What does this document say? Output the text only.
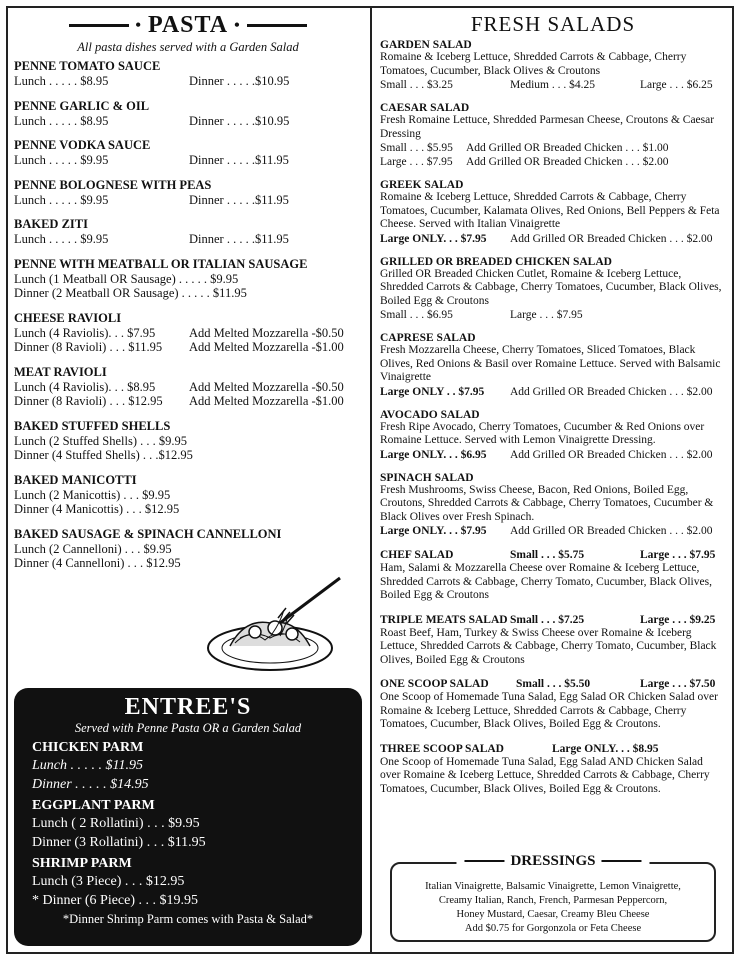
• PASTA •
All pasta dishes served with a Garden Salad
PENNE TOMATO SAUCE
Lunch . . . . . $8.95	Dinner . . . . .$10.95
PENNE GARLIC & OIL
Lunch . . . . . $8.95	Dinner . . . . .$10.95
PENNE VODKA SAUCE
Lunch . . . . . $9.95	Dinner . . . . .$11.95
PENNE BOLOGNESE WITH PEAS
Lunch . . . . . $9.95	Dinner . . . . .$11.95
BAKED ZITI
Lunch . . . . . $9.95	Dinner . . . . .$11.95
PENNE WITH MEATBALL OR ITALIAN SAUSAGE
Lunch (1 Meatball OR Sausage) . . . . . $9.95
Dinner (2 Meatball OR Sausage) . . . . . $11.95
CHEESE RAVIOLI
Lunch (4 Raviolis). . . $7.95	Add Melted Mozzarella -$0.50
Dinner (8 Ravioli) . . . $11.95	Add Melted Mozzarella -$1.00
MEAT RAVIOLI
Lunch (4 Raviolis). . . $8.95	Add Melted Mozzarella -$0.50
Dinner (8 Ravioli) . . . $12.95	Add Melted Mozzarella -$1.00
BAKED STUFFED SHELLS
Lunch (2 Stuffed Shells) . . . $9.95
Dinner (4 Stuffed Shells) . . .$12.95
BAKED MANICOTTI
Lunch (2 Manicottis) . . . $9.95
Dinner (4 Manicottis) . . . $12.95
BAKED SAUSAGE & SPINACH CANNELLONI
Lunch (2 Cannelloni) . . . $9.95
Dinner (4 Cannelloni) . . . $12.95
ENTREE'S
Served with Penne Pasta OR a Garden Salad
CHICKEN PARM
Lunch . . . . . $11.95
Dinner . . . . . $14.95
EGGPLANT PARM
Lunch ( 2 Rollatini) . . . $9.95
Dinner (3 Rollatini) . . . $11.95
SHRIMP PARM
Lunch (3 Piece) . . . $12.95
* Dinner (6 Piece) . . . $19.95
*Dinner Shrimp Parm comes with Pasta & Salad*
FRESH SALADS
GARDEN SALAD
Romaine & Iceberg Lettuce, Shredded Carrots & Cabbage, Cherry Tomatoes, Cucumber, Black Olives & Croutons
Small . . . $3.25	Medium . . . $4.25	Large . . . $6.25
CAESAR SALAD
Fresh Romaine Lettuce, Shredded Parmesan Cheese, Croutons & Caesar Dressing
Small . . . $5.95	Add Grilled OR Breaded Chicken . . . $1.00
Large . . . $7.95	Add Grilled OR Breaded Chicken . . . $2.00
GREEK SALAD
Romaine & Iceberg Lettuce, Shredded Carrots & Cabbage, Cherry Tomatoes, Cucumber, Kalamata Olives, Red Onions, Bell Peppers & Feta Cheese. Served with Italian Vinaigrette
Large ONLY. . . $7.95	Add Grilled OR Breaded Chicken . . . $2.00
GRILLED OR BREADED CHICKEN SALAD
Grilled OR Breaded Chicken Cutlet, Romaine & Iceberg Lettuce, Shredded Carrots & Cabbage, Cherry Tomatoes, Cucumber, Black Olives, Boiled Egg & Croutons
Small . . . $6.95	Large . . . $7.95
CAPRESE SALAD
Fresh Mozzarella Cheese, Cherry Tomatoes, Sliced Tomatoes, Black Olives, Red Onions & Basil over Romaine Lettuce. Served with Balsamic Vinaigrette
Large ONLY . . $7.95	Add Grilled OR Breaded Chicken . . . $2.00
AVOCADO SALAD
Fresh Ripe Avocado, Cherry Tomatoes, Cucumber & Red Onions over Romaine Lettuce. Served with Lemon Vinaigrette Dressing.
Large ONLY. . . $6.95	Add Grilled OR Breaded Chicken . . . $2.00
SPINACH SALAD
Fresh Mushrooms, Swiss Cheese, Bacon, Red Onions, Boiled Egg, Croutons, Shredded Carrots & Cabbage, Cherry Tomatoes, Cucumber & Black Olives over Fresh Spinach.
Large ONLY. . . $7.95	Add Grilled OR Breaded Chicken . . . $2.00
CHEF SALAD	Small . . . $5.75	Large . . . $7.95
Ham, Salami & Mozzarella Cheese over Romaine & Iceberg Lettuce, Shredded Carrots & Cabbage, Cherry Tomato, Cucumber, Black Olives, Boiled Egg & Croutons
TRIPLE MEATS SALAD Small . . . $7.25	Large . . . $9.25
Roast Beef, Ham, Turkey & Swiss Cheese over Romaine & Iceberg Lettuce, Shredded Carrots & Cabbage, Cherry Tomato, Cucumber, Black Olives, Boiled Egg & Croutons
ONE SCOOP SALAD	Small . . . $5.50	Large . . . $7.50
One Scoop of Homemade Tuna Salad, Egg Salad OR Chicken Salad over Romaine & Iceberg Lettuce, Shredded Carrots & Cabbage, Cherry Tomatoes, Cucumber, Black Olives, Boiled Egg & Croutons.
THREE SCOOP SALAD	Large ONLY. . . $8.95
One Scoop of Homemade Tuna Salad, Egg Salad AND Chicken Salad over Romaine & Iceberg Lettuce, Shredded Carrots & Cabbage, Cherry Tomatoes, Cucumber, Black Olives, Boiled Egg & Croutons.
DRESSINGS
Italian Vinaigrette, Balsamic Vinaigrette, Lemon Vinaigrette,
Creamy Italian, Ranch, French, Parmesan Peppercorn,
Honey Mustard, Caesar, Creamy Bleu Cheese
Add $0.75 for Gorgonzola or Feta Cheese
